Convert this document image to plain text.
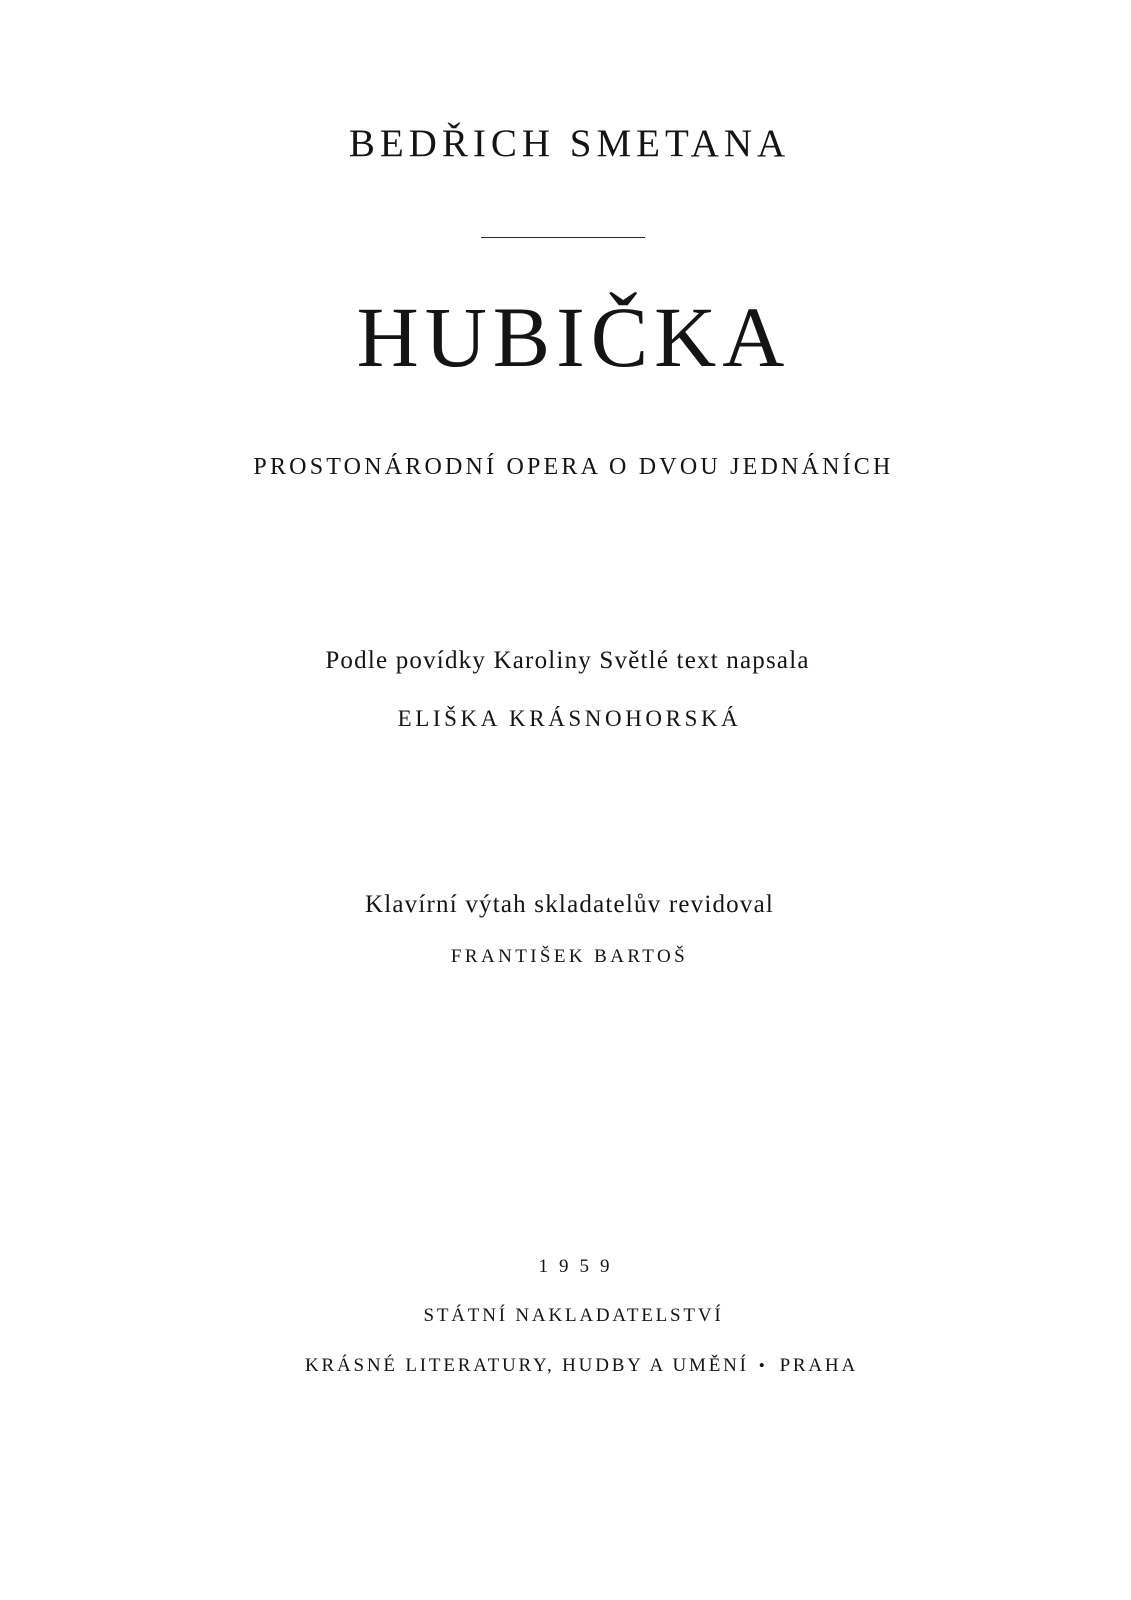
BEDŘICH SMETANA
HUBIČKA
PROSTONÁRODNÍ OPERA O DVOU JEDNÁNÍCH
Podle povídky Karoliny Světlé text napsala
ELIŠKA KRÁSNOHORSKÁ
Klavírní výtah skladatelův revidoval
FRANTIŠEK BARTOŠ
1959
STÁTNÍ NAKLADATELSTVÍ
KRÁSNÉ LITERATURY, HUDBY A UMĚNÍ • PRAHA
